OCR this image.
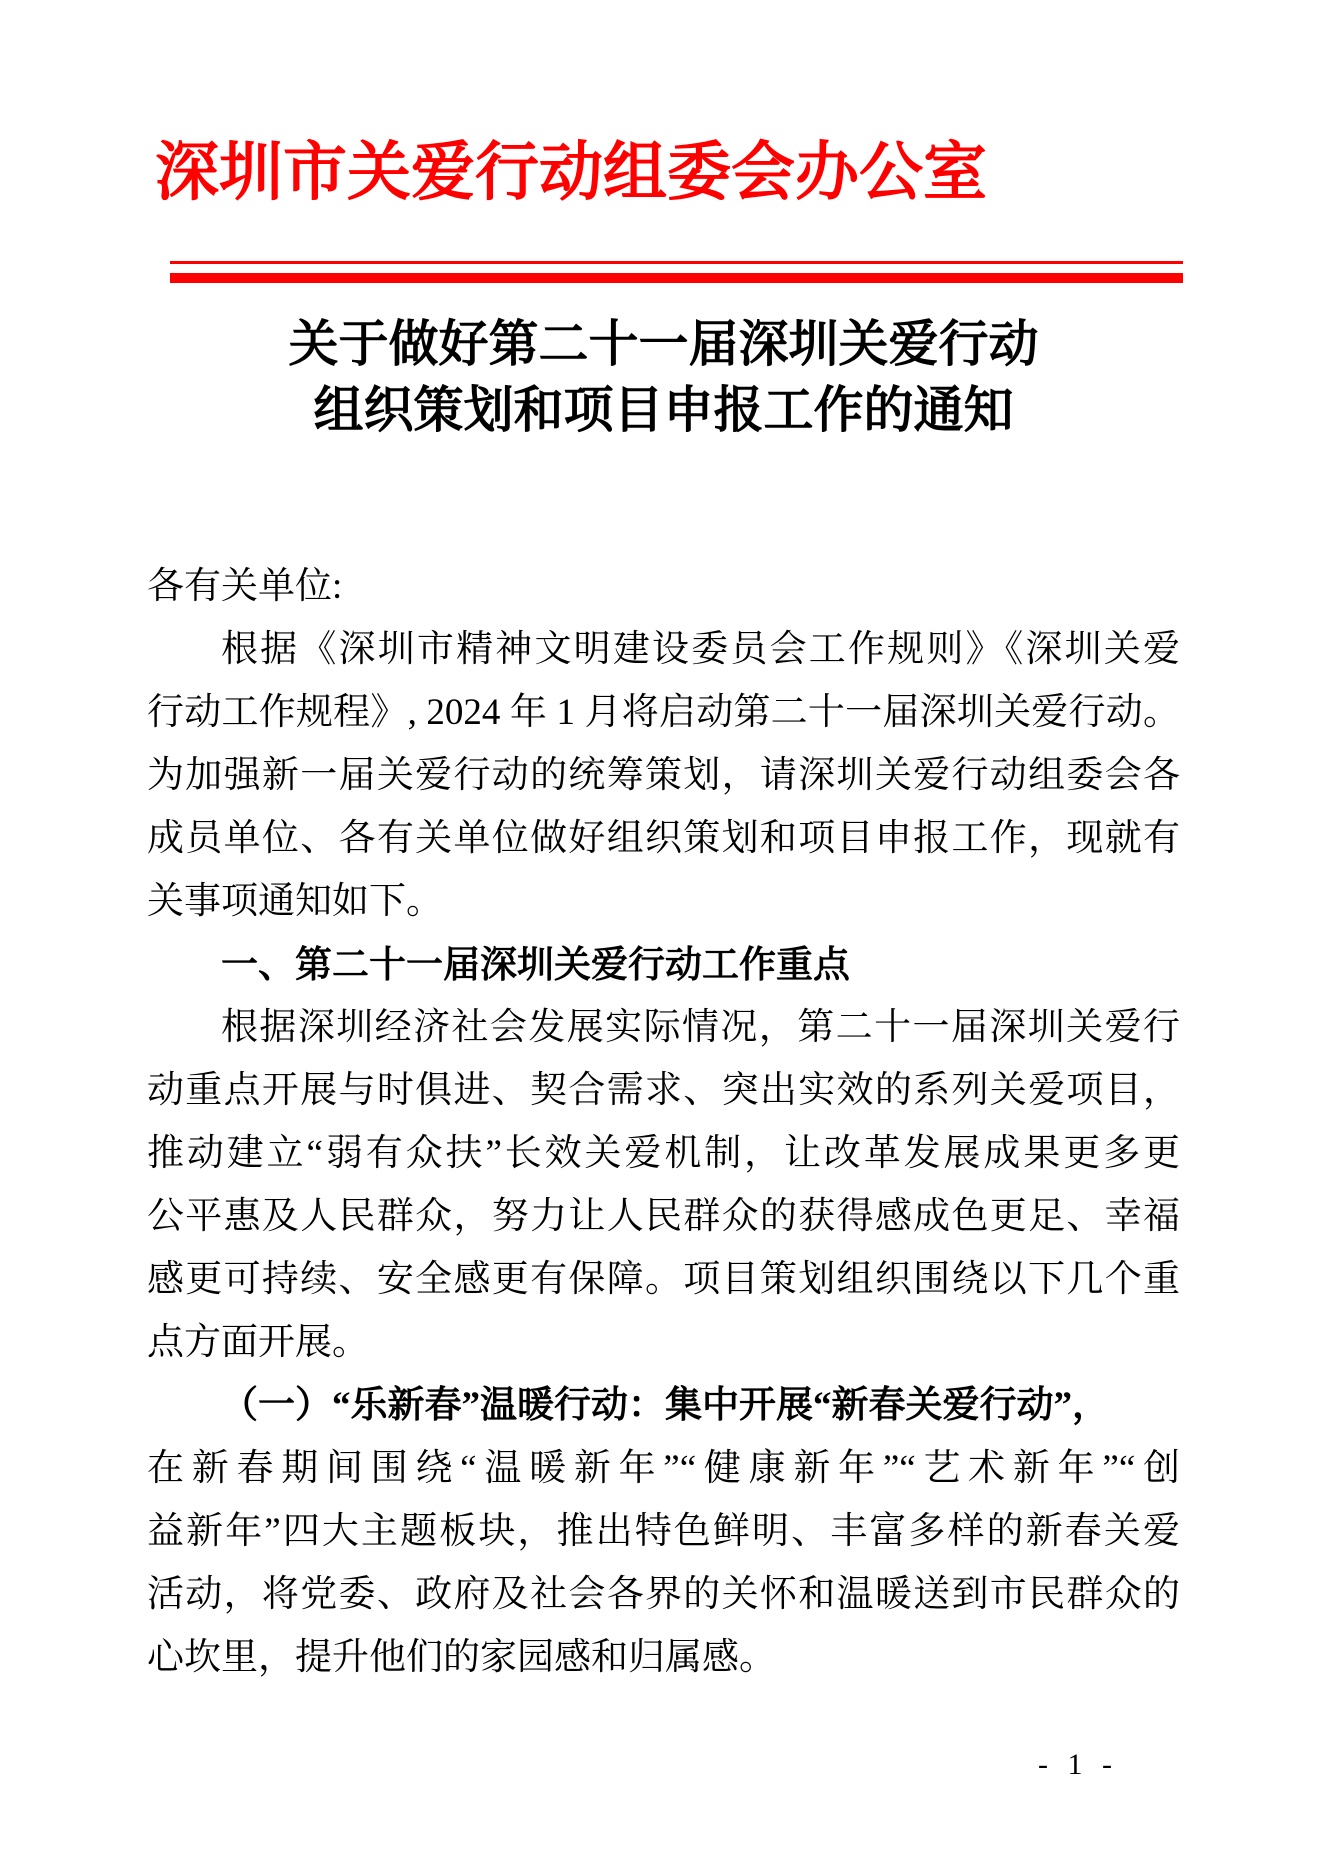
深圳市关爱行动组委会办公室
关于做好第二十一届深圳关爱行动
组织策划和项目申报工作的通知
各有关单位:
根据《深圳市精神文明建设委员会工作规则》《深圳关爱
行动工作规程》, 2024 年 1 月将启动第二十一届深圳关爱行动。
为加强新一届关爱行动的统筹策划，请深圳关爱行动组委会各
成员单位、各有关单位做好组织策划和项目申报工作，现就有
关事项通知如下。
一、第二十一届深圳关爱行动工作重点
根据深圳经济社会发展实际情况，第二十一届深圳关爱行
动重点开展与时俱进、契合需求、突出实效的系列关爱项目，
推动建立“弱有众扶”长效关爱机制，让改革发展成果更多更
公平惠及人民群众，努力让人民群众的获得感成色更足、幸福
感更可持续、安全感更有保障。项目策划组织围绕以下几个重
点方面开展。
（一）“乐新春”温暖行动：集中开展“新春关爱行动”，
在新春期间围绕“温暖新年”“健康新年”“艺术新年”“创
益新年”四大主题板块，推出特色鲜明、丰富多样的新春关爱
活动，将党委、政府及社会各界的关怀和温暖送到市民群众的
心坎里，提升他们的家园感和归属感。
- 1 -
